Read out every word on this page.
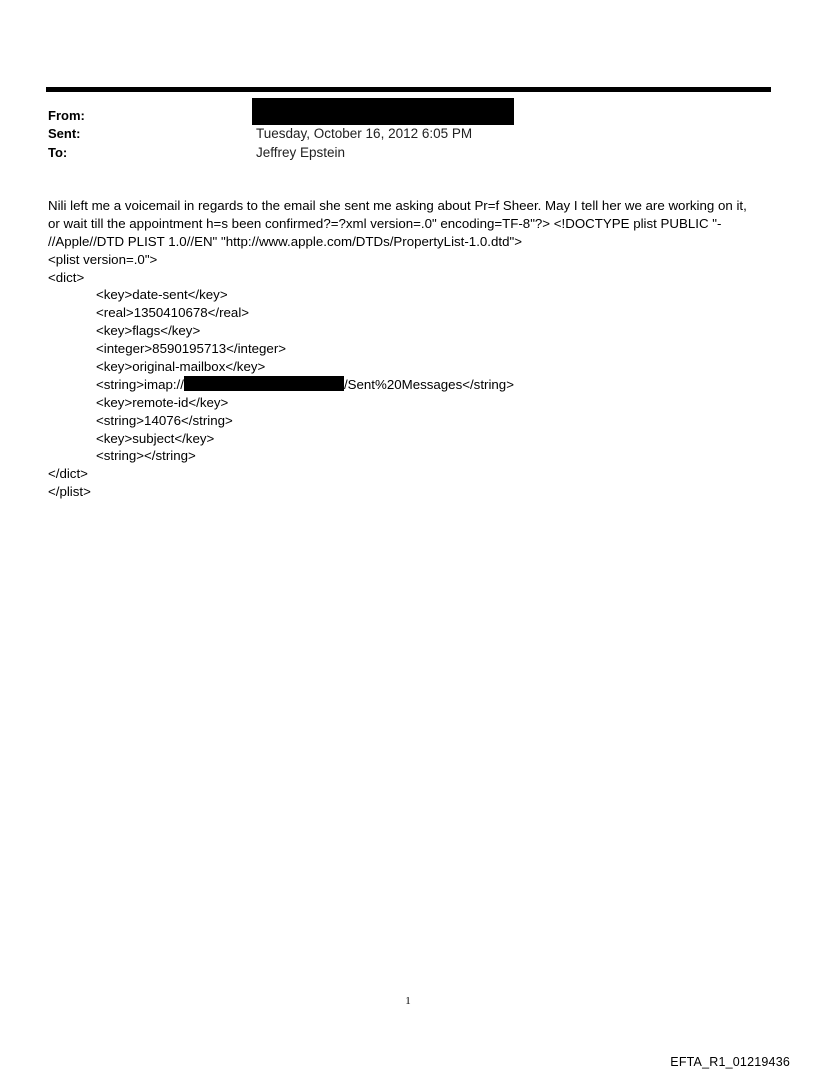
From:
Sent:	Tuesday, October 16, 2012 6:05 PM
To:	Jeffrey Epstein
Nili left me a voicemail in regards to the email she sent me asking about Pr=f Sheer. May I tell her we are working on it,
or wait till the appointment h=s been confirmed?=?xml version=.0" encoding=TF-8"?> <!DOCTYPE plist PUBLIC "-
//Apple//DTD PLIST 1.0//EN" "http://www.apple.com/DTDs/PropertyList-1.0.dtd">
<plist version=.0">
<dict>
<key>date-sent</key>
<real>1350410678</real>
<key>flags</key>
<integer>8590195713</integer>
<key>original-mailbox</key>
<string>imap://	/Sent%20Messages</string>
<key>remote-id</key>
<string>14076</string>
<key>subject</key>
<string></string>
</dict>
</plist>
1
EFTA_R1_01219436
